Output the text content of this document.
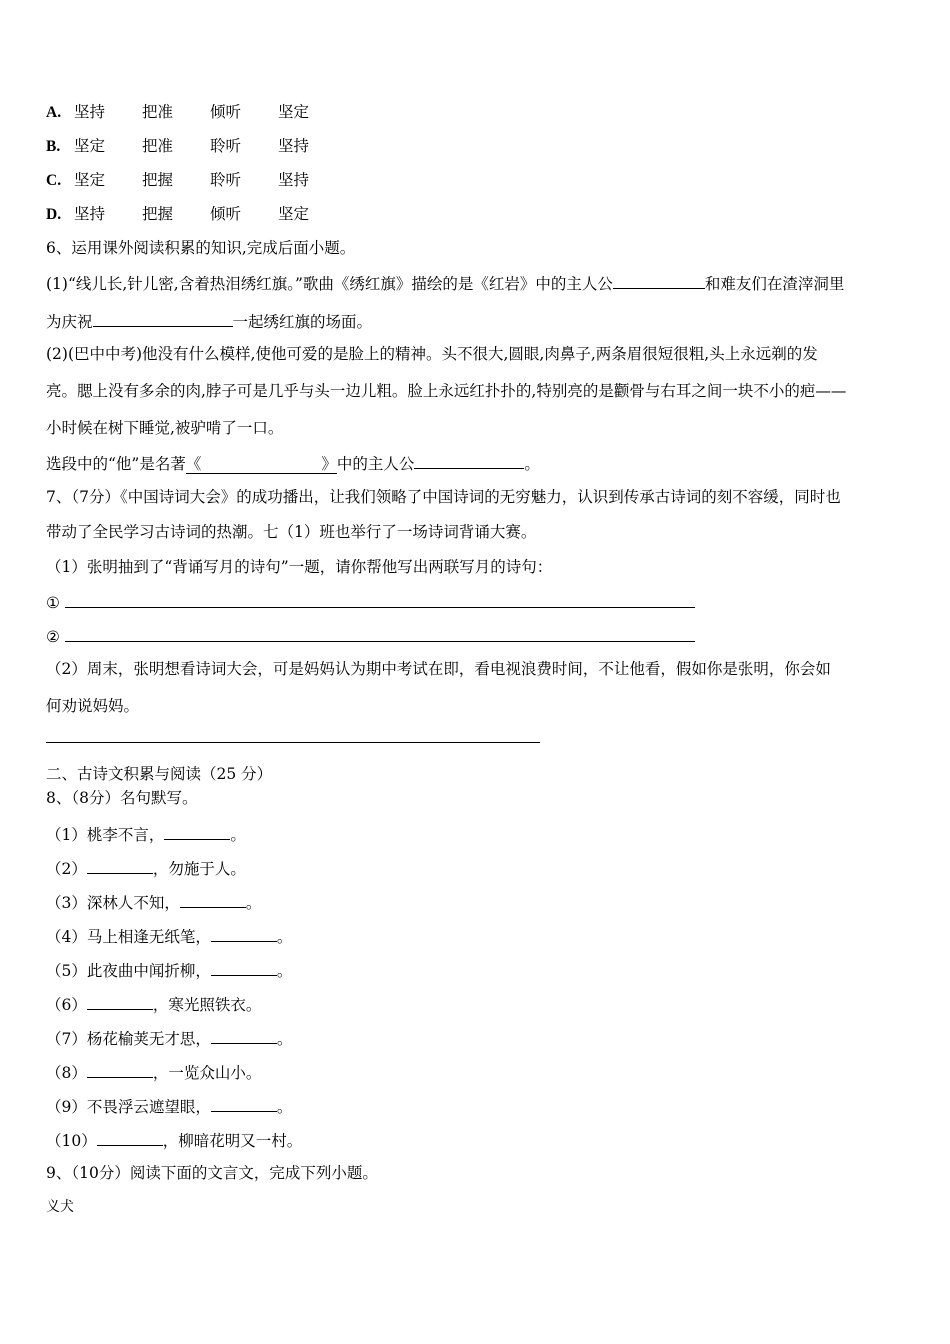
A. 坚持 把准 倾听 坚定
B. 坚定 把准 聆听 坚持
C. 坚定 把握 聆听 坚持
D. 坚持 把握 倾听 坚定
6、运用课外阅读积累的知识,完成后面小题。
(1)“线儿长,针儿密,含着热泪绣红旗。”歌曲《绣红旗》描绘的是《红岩》中的主人公	和难友们在渣滓洞里
为庆祝	一起绣红旗的场面。
(2)(巴中中考)他没有什么模样,使他可爱的是脸上的精神。头不很大,圆眼,肉鼻子,两条眉很短很粗,头上永远剃的发
亮。腮上没有多余的肉,脖子可是几乎与头一边儿粗。脸上永远红扑扑的,特别亮的是颧骨与右耳之间一块不小的疤——
小时候在树下睡觉,被驴啃了一口。
选段中的“他”是名著《	》中的主人公	。
7、（7分）《中国诗词大会》的成功播出，让我们领略了中国诗词的无穷魅力，认识到传承古诗词的刻不容缓，同时也
带动了全民学习古诗词的热潮。七（1）班也举行了一场诗词背诵大赛。
（1）张明抽到了“背诵写月的诗句”一题，请你帮他写出两联写月的诗句：
①
②
（2）周末，张明想看诗词大会，可是妈妈认为期中考试在即，看电视浪费时间，不让他看，假如你是张明，你会如
何劝说妈妈。
二、古诗文积累与阅读（25 分）
8、（8分）名句默写。
（1）桃李不言，	。
（2）	，勿施于人。
（3）深林人不知，	。
（4）马上相逢无纸笔，	。
（5）此夜曲中闻折柳，	。
（6）	，寒光照铁衣。
（7）杨花榆荚无才思，	。
（8）	，一览众山小。
（9）不畏浮云遮望眼，	。
（10）	，柳暗花明又一村。
9、（10分）阅读下面的文言文，完成下列小题。
义犬
